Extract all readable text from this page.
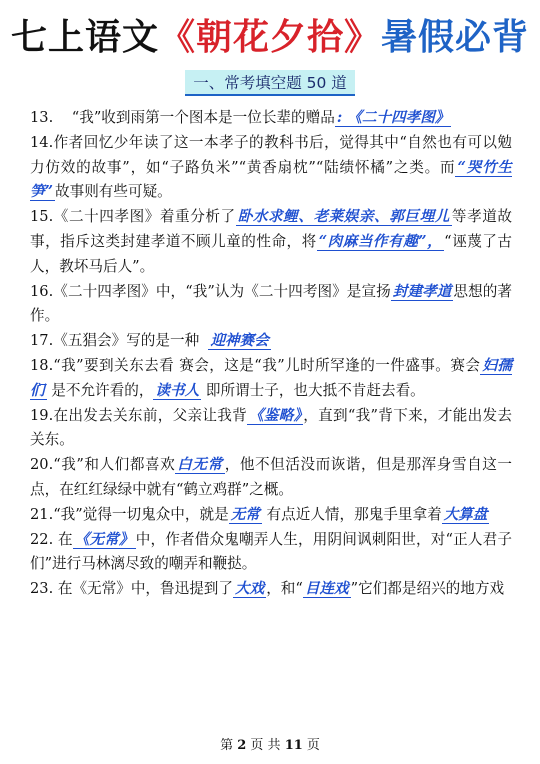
七上语文《朝花夕拾》暑假必背
一、常考填空题 50 道

13. “我”收到雨第一个图本是一位长辈的赠品 : 《二十四孝图》

14.作者回忆少年读了这一本孝子的教科书后，觉得其中“自然也有可以勉力仿效的故事”，如“子路负米”“黄香扇枕”“陆绩怀橘”之类。而 “哭竹生笋” 故事则有些可疑。

15.《二十四孝图》着重分析了 卧水求鲤、老莱娱亲、郭巨埋儿 等孝道故事，指斥这类封建孝道不顾儿童的性命，将 “肉麻当作有趣”， “诬蔑了古人，教坏马后人”。

16.《二十四孝图》中，“我”认为《二十四考图》是宣扬 封建孝道 思想的著作。

17.《五猖会》写的是一种 迎神赛会

18.“我”要到关东去看 赛会，这是“我”儿时所罕逢的一件盛事。赛会 妇孺们 是不允许看的， 读书人 即所谓士子，也大抵不肯赶去看。

19.在出发去关东前，父亲让我背 《鉴略》 ，直到“我”背下来，才能出发去关东。

20.“我”和人们都喜欢 白无常 ，他不但活没而诙谐，但是那浑身雪自这一点，在红红绿绿中就有“鹤立鸡群”之概。

21.“我”觉得一切鬼众中，就是 无常 有点近人情，那鬼手里拿着 大算盘

22. 在 《无常》 中，作者借众鬼嘲弄人生，用阴间讽刺阳世，对“正人君子们”进行马林漓尽致的嘲弄和鞭挞。

23. 在《无常》中，鲁迅提到了 大戏 ，和“ 目连戏 ”它们都是绍兴的地方戏

第 2 页 共 11 页
